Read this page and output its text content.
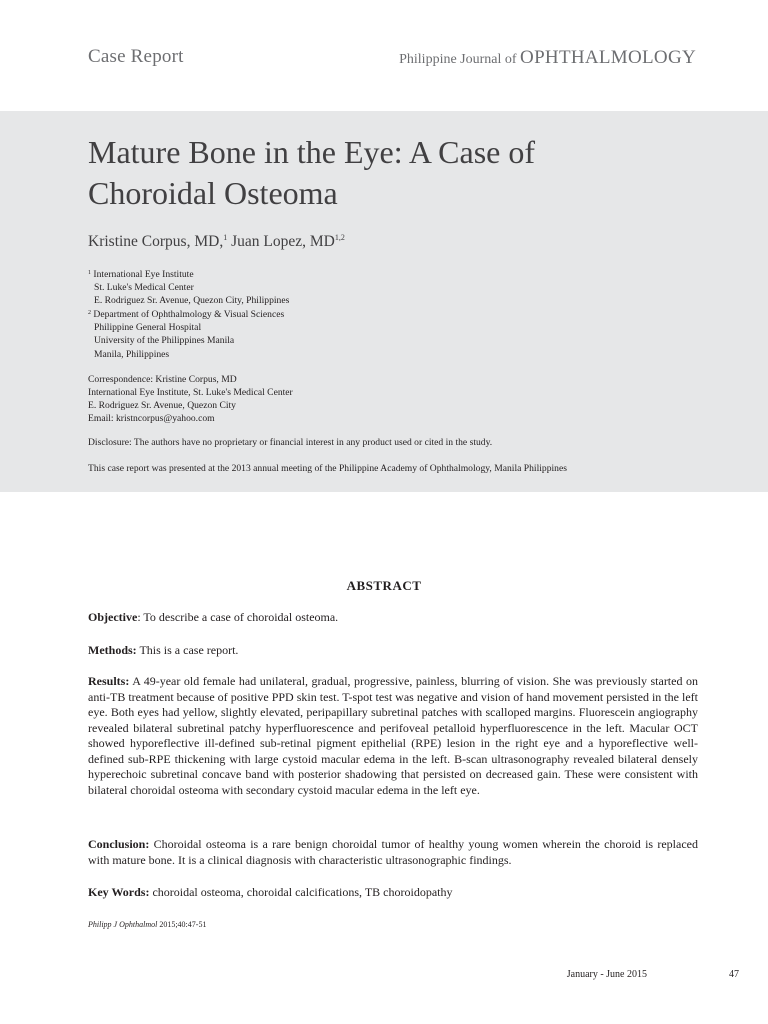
Case Report	Philippine Journal of OPHTHALMOLOGY
Mature Bone in the Eye: A Case of
Choroidal Osteoma
Kristine Corpus, MD,$^1$ Juan Lopez, MD$^{1,2}$
$^1$ International Eye Institute
St. Luke's Medical Center
E. Rodriguez Sr. Avenue, Quezon City, Philippines
$^2$ Department of Ophthalmology & Visual Sciences
Philippine General Hospital
University of the Philippines Manila
Manila, Philippines
Correspondence: Kristine Corpus, MD
International Eye Institute, St. Luke's Medical Center
E. Rodriguez Sr. Avenue, Quezon City
Email: kristncorpus@yahoo.com
Disclosure: The authors have no proprietary or financial interest in any product used or cited in the study.
This case report was presented at the 2013 annual meeting of the Philippine Academy of Ophthalmology, Manila Philippines
ABSTRACT

Objective: To describe a case of choroidal osteoma.

Methods: This is a case report.

Results: A 49-year old female had unilateral, gradual, progressive, painless, blurring of vision. She was previously started on anti-TB treatment because of positive PPD skin test. T-spot test was negative and vision of hand movement persisted in the left eye. Both eyes had yellow, slightly elevated, peripapillary subretinal patches with scalloped margins. Fluorescein angiography revealed bilateral subretinal patchy hyperfluorescence and perifoveal petalloid hyperfluorescence in the left. Macular OCT showed hyporeflective ill-defined sub-retinal pigment epithelial (RPE) lesion in the right eye and a hyporeflective well-defined sub-RPE thickening with large cystoid macular edema in the left. B-scan ultrasonography revealed bilateral densely hyperechoic subretinal concave band with posterior shadowing that persisted on decreased gain. These were consistent with bilateral choroidal osteoma with secondary cystoid macular edema in the left eye.

Conclusion: Choroidal osteoma is a rare benign choroidal tumor of healthy young women wherein the choroid is replaced with mature bone. It is a clinical diagnosis with characteristic ultrasonographic findings.

Key Words: choroidal osteoma, choroidal calcifications, TB choroidopathy

Philipp J Ophthalmol 2015;40:47-51
January - June 2015	47
